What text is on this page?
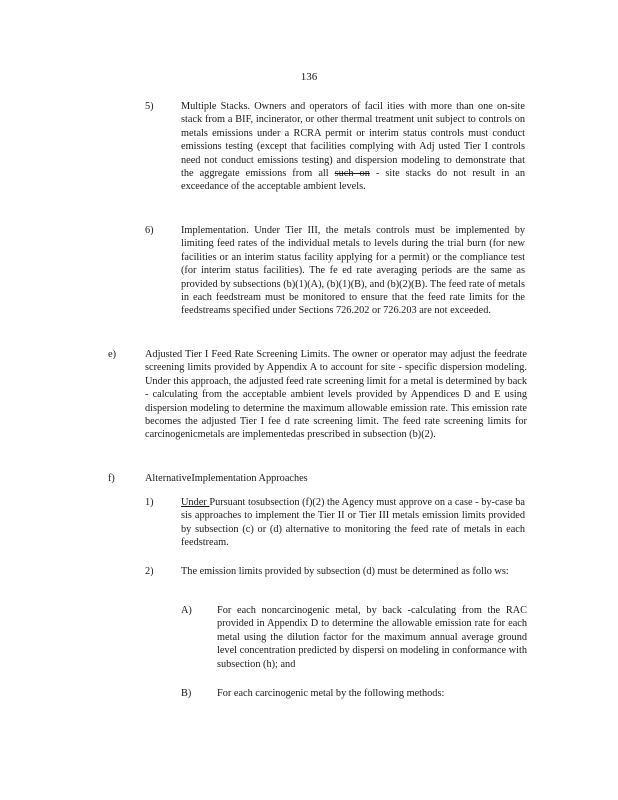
136
5)	Multiple Stacks. Owners and operators of facil ities with more than one on-site stack from a BIF, incinerator, or other thermal treatment unit subject to controls on metals emissions under a RCRA permit or interim status controls must conduct emissions testing (except that facilities complying with Adj usted Tier I controls need not conduct emissions testing) and dispersion modeling to demonstrate that the aggregate emissions from all such on - site stacks do not result in an exceedance of the acceptable ambient levels.
6)	Implementation. Under Tier III, the metals controls must be implemented by limiting feed rates of the individual metals to levels during the trial burn (for new facilities or an interim status facility applying for a permit) or the compliance test (for interim status facilities). The fe ed rate averaging periods are the same as provided by subsections (b)(1)(A), (b)(1)(B), and (b)(2)(B). The feed rate of metals in each feedstream must be monitored to ensure that the feed rate limits for the feedstreams specified under Sections 726.202 or 726.203 are not exceeded.
e)	Adjusted Tier I Feed Rate Screening Limits. The owner or operator may adjust the feedrate screening limits provided by Appendix A to account for site - specific dispersion modeling. Under this approach, the adjusted feed rate screening limit for a metal is determined by back - calculating from the acceptable ambient levels provided by Appendices D and E using dispersion modeling to determine the maximum allowable emission rate. This emission rate becomes the adjusted Tier I fee d rate screening limit. The feed rate screening limits for carcinogenicmetals are implementedas prescribed in subsection (b)(2).
f)	AlternativeImplementation Approaches
1)	Under Pursuant tosubsection (f)(2) the Agency must approve on a case - by-case ba sis approaches to implement the Tier II or Tier III metals emission limits provided by subsection (c) or (d) alternative to monitoring the feed rate of metals in each feedstream.
2)	The emission limits provided by subsection (d) must be determined as follo ws:
A) For each noncarcinogenic metal, by back -calculating from the RAC provided in Appendix D to determine the allowable emission rate for each metal using the dilution factor for the maximum annual average ground level concentration predicted by dispersi on modeling in conformance with subsection (h); and
B) For each carcinogenic metal by the following methods:
